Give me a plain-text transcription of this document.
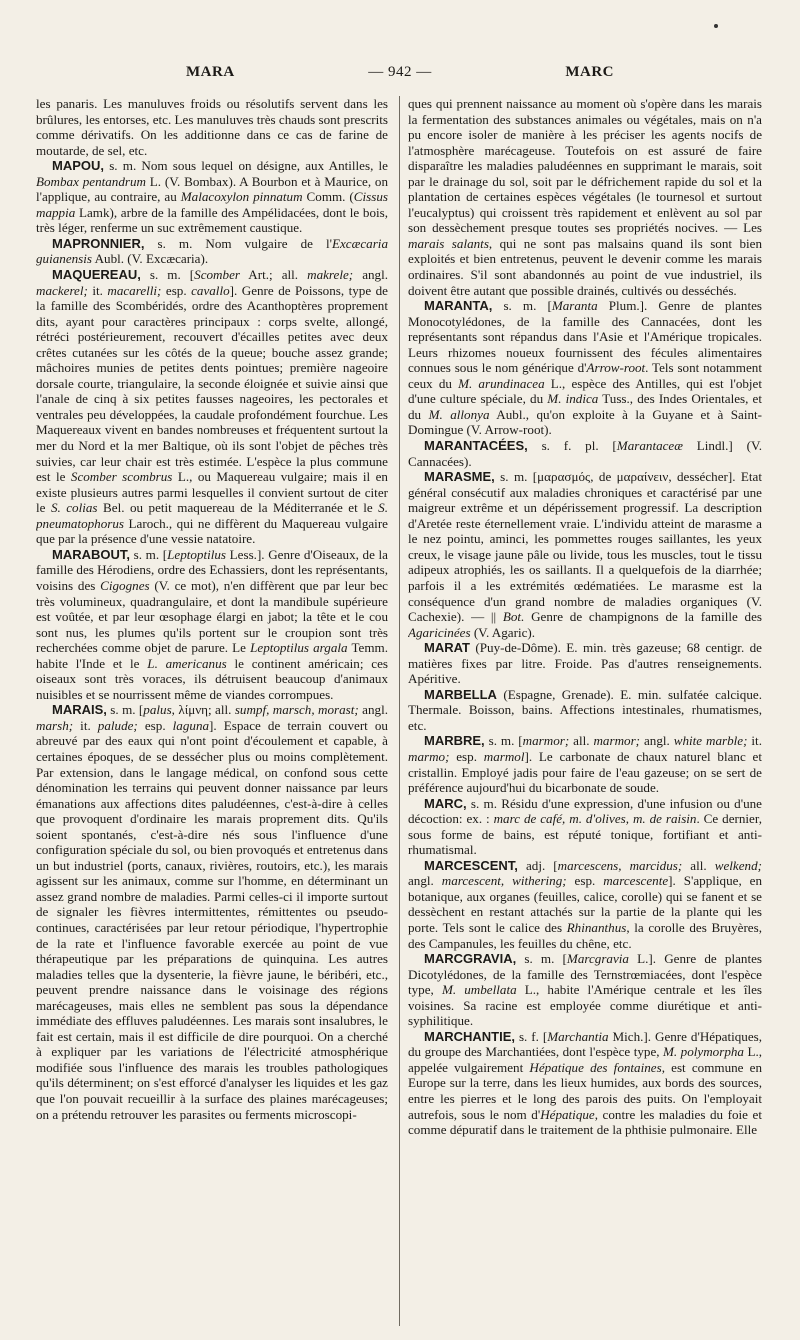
MARA	— 942 —	MARC

les panaris. Les manuluves froids ou résolutifs servent dans les brûlures, les entorses, etc. Les manuluves très chauds sont prescrits comme dérivatifs. On les additionne dans ce cas de farine de moutarde, de sel, etc.

MAPOU, s. m. Nom sous lequel on désigne, aux Antilles, le Bombax pentandrum L. (V. Bombax). A Bourbon et à Maurice, on l'applique, au contraire, au Malacoxylon pinnatum Comm. (Cissus mappia Lamk), arbre de la famille des Ampélidacées, dont le bois, très léger, renferme un suc extrêmement caustique.

MAPRONNIER, s. m. Nom vulgaire de l'Excæcaria guianensis Aubl. (V. Excæcaria).

MAQUEREAU, s. m. [Scomber Art.; all. makrele; angl. mackerel; it. macarelli; esp. cavallo]. Genre de Poissons, type de la famille des Scombéridés, ordre des Acanthoptères proprement dits, ayant pour caractères principaux : corps svelte, allongé, rétréci postérieurement, recouvert d'écailles petites avec deux crêtes cutanées sur les côtés de la queue; bouche assez grande; mâchoires munies de petites dents pointues; première nageoire dorsale courte, triangulaire, la seconde éloignée et suivie ainsi que l'anale de cinq à six petites fausses nageoires, les pectorales et ventrales peu développées, la caudale profondément fourchue. Les Maquereaux vivent en bandes nombreuses et fréquentent surtout la mer du Nord et la mer Baltique, où ils sont l'objet de pêches très suivies, car leur chair est très estimée. L'espèce la plus commune est le Scomber scombrus L., ou Maquereau vulgaire; mais il en existe plusieurs autres parmi lesquelles il convient surtout de citer le S. colias Bel. ou petit maquereau de la Méditerranée et le S. pneumatophorus Laroch., qui ne diffèrent du Maquereau vulgaire que par la présence d'une vessie natatoire.

MARABOUT, s. m. [Leptoptilus Less.]. Genre d'Oiseaux, de la famille des Hérodiens, ordre des Echassiers, dont les représentants, voisins des Cigognes (V. ce mot), n'en diffèrent que par leur bec très volumineux, quadrangulaire, et dont la mandibule supérieure est voûtée, et par leur œsophage élargi en jabot; la tête et le cou sont nus, les plumes qu'ils portent sur le croupion sont très recherchées comme objet de parure. Le Leptoptilus argala Temm. habite l'Inde et le L. americanus le continent américain; ces oiseaux sont très voraces, ils détruisent beaucoup d'animaux nuisibles et se nourrissent même de viandes corrompues.

MARAIS, s. m. [palus, λίμνη; all. sumpf, marsch, morast; angl. marsh; it. palude; esp. laguna]. Espace de terrain couvert ou abreuvé par des eaux qui n'ont point d'écoulement et capable, à certaines époques, de se dessécher plus ou moins complètement. Par extension, dans le langage médical, on confond sous cette dénomination les terrains qui peuvent donner naissance par leurs émanations aux affections dites paludéennes, c'est-à-dire à celles que provoquent d'ordinaire les marais proprement dits. Qu'ils soient spontanés, c'est-à-dire nés sous l'influence d'une configuration spéciale du sol, ou bien provoqués et entretenus dans un but industriel (ports, canaux, rivières, routoirs, etc.), les marais agissent sur les animaux, comme sur l'homme, en déterminant un assez grand nombre de maladies. Parmi celles-ci il importe surtout de signaler les fièvres intermittentes, rémittentes ou pseudo-continues, caractérisées par leur retour périodique, l'hypertrophie de la rate et l'influence favorable exercée au point de vue thérapeutique par les préparations de quinquina. Les autres maladies telles que la dysenterie, la fièvre jaune, le béribéri, etc., peuvent prendre naissance dans le voisinage des régions marécageuses, mais elles ne semblent pas sous la dépendance immédiate des effluves paludéennes. Les marais sont insalubres, le fait est certain, mais il est difficile de dire pourquoi. On a cherché à expliquer par les variations de l'électricité atmosphérique modifiée sous l'influence des marais les troubles pathologiques qu'ils déterminent; on s'est efforcé d'analyser les liquides et les gaz que l'on pouvait recueillir à la surface des plaines marécageuses; on a prétendu retrouver les parasites ou ferments microscopi-

ques qui prennent naissance au moment où s'opère dans les marais la fermentation des substances animales ou végétales, mais on n'a pu encore isoler de manière à les préciser les agents nocifs de l'atmosphère marécageuse. Toutefois on est assuré de faire disparaître les maladies paludéennes en supprimant le marais, soit par le drainage du sol, soit par le défrichement rapide du sol et la plantation de certaines espèces végétales (le tournesol et surtout l'eucalyptus) qui croissent très rapidement et enlèvent au sol par son dessèchement presque toutes ses propriétés nocives. — Les marais salants, qui ne sont pas malsains quand ils sont bien exploités et bien entretenus, peuvent le devenir comme les marais ordinaires. S'il sont abandonnés au point de vue industriel, ils doivent être autant que possible drainés, cultivés ou desséchés.

MARANTA, s. m. [Maranta Plum.]. Genre de plantes Monocotylédones, de la famille des Cannacées, dont les représentants sont répandus dans l'Asie et l'Amérique tropicales. Leurs rhizomes noueux fournissent des fécules alimentaires connues sous le nom générique d'Arrow-root. Tels sont notamment ceux du M. arundinacea L., espèce des Antilles, qui est l'objet d'une culture spéciale, du M. indica Tuss., des Indes Orientales, et du M. allonya Aubl., qu'on exploite à la Guyane et à Saint-Domingue (V. Arrow-root).

MARANTACÉES, s. f. pl. [Marantaceæ Lindl.] (V. Cannacées).

MARASME, s. m. [μαρασμός, de μαραίνειν, dessécher]. Etat général consécutif aux maladies chroniques et caractérisé par une maigreur extrême et un dépérissement progressif. La description d'Aretée reste éternellement vraie. L'individu atteint de marasme a le nez pointu, aminci, les pommettes rouges saillantes, les yeux creux, le visage jaune pâle ou livide, tous les muscles, tout le tissu adipeux atrophiés, les os saillants. Il a quelquefois de la diarrhée; parfois il a les extrémités œdématiées. Le marasme est la conséquence d'un grand nombre de maladies organiques (V. Cachexie). — || Bot. Genre de champignons de la famille des Agaricinées (V. Agaric).

MARAT (Puy-de-Dôme). E. min. très gazeuse; 68 centigr. de matières fixes par litre. Froide. Pas d'autres renseignements. Apéritive.

MARBELLA (Espagne, Grenade). E. min. sulfatée calcique. Thermale. Boisson, bains. Affections intestinales, rhumatismes, etc.

MARBRE, s. m. [marmor; all. marmor; angl. white marble; it. marmo; esp. marmol]. Le carbonate de chaux naturel blanc et cristallin. Employé jadis pour faire de l'eau gazeuse; on se sert de préférence aujourd'hui du bicarbonate de soude.

MARC, s. m. Résidu d'une expression, d'une infusion ou d'une décoction: ex. : marc de café, m. d'olives, m. de raisin. Ce dernier, sous forme de bains, est réputé tonique, fortifiant et anti-rhumatismal.

MARCESCENT, adj. [marcescens, marcidus; all. welkend; angl. marcescent, withering; esp. marcescente]. S'applique, en botanique, aux organes (feuilles, calice, corolle) qui se fanent et se dessèchent en restant attachés sur la partie de la plante qui les porte. Tels sont le calice des Rhinanthus, la corolle des Bruyères, des Campanules, les feuilles du chêne, etc.

MARCGRAVIA, s. m. [Marcgravia L.]. Genre de plantes Dicotylédones, de la famille des Ternstrœmiacées, dont l'espèce type, M. umbellata L., habite l'Amérique centrale et les îles voisines. Sa racine est employée comme diurétique et anti-syphilitique.

MARCHANTIE, s. f. [Marchantia Mich.]. Genre d'Hépatiques, du groupe des Marchantiées, dont l'espèce type, M. polymorpha L., appelée vulgairement Hépatique des fontaines, est commune en Europe sur la terre, dans les lieux humides, aux bords des sources, entre les pierres et le long des parois des puits. On l'employait autrefois, sous le nom d'Hépatique, contre les maladies du foie et comme dépuratif dans le traitement de la phthisie pulmonaire. Elle
